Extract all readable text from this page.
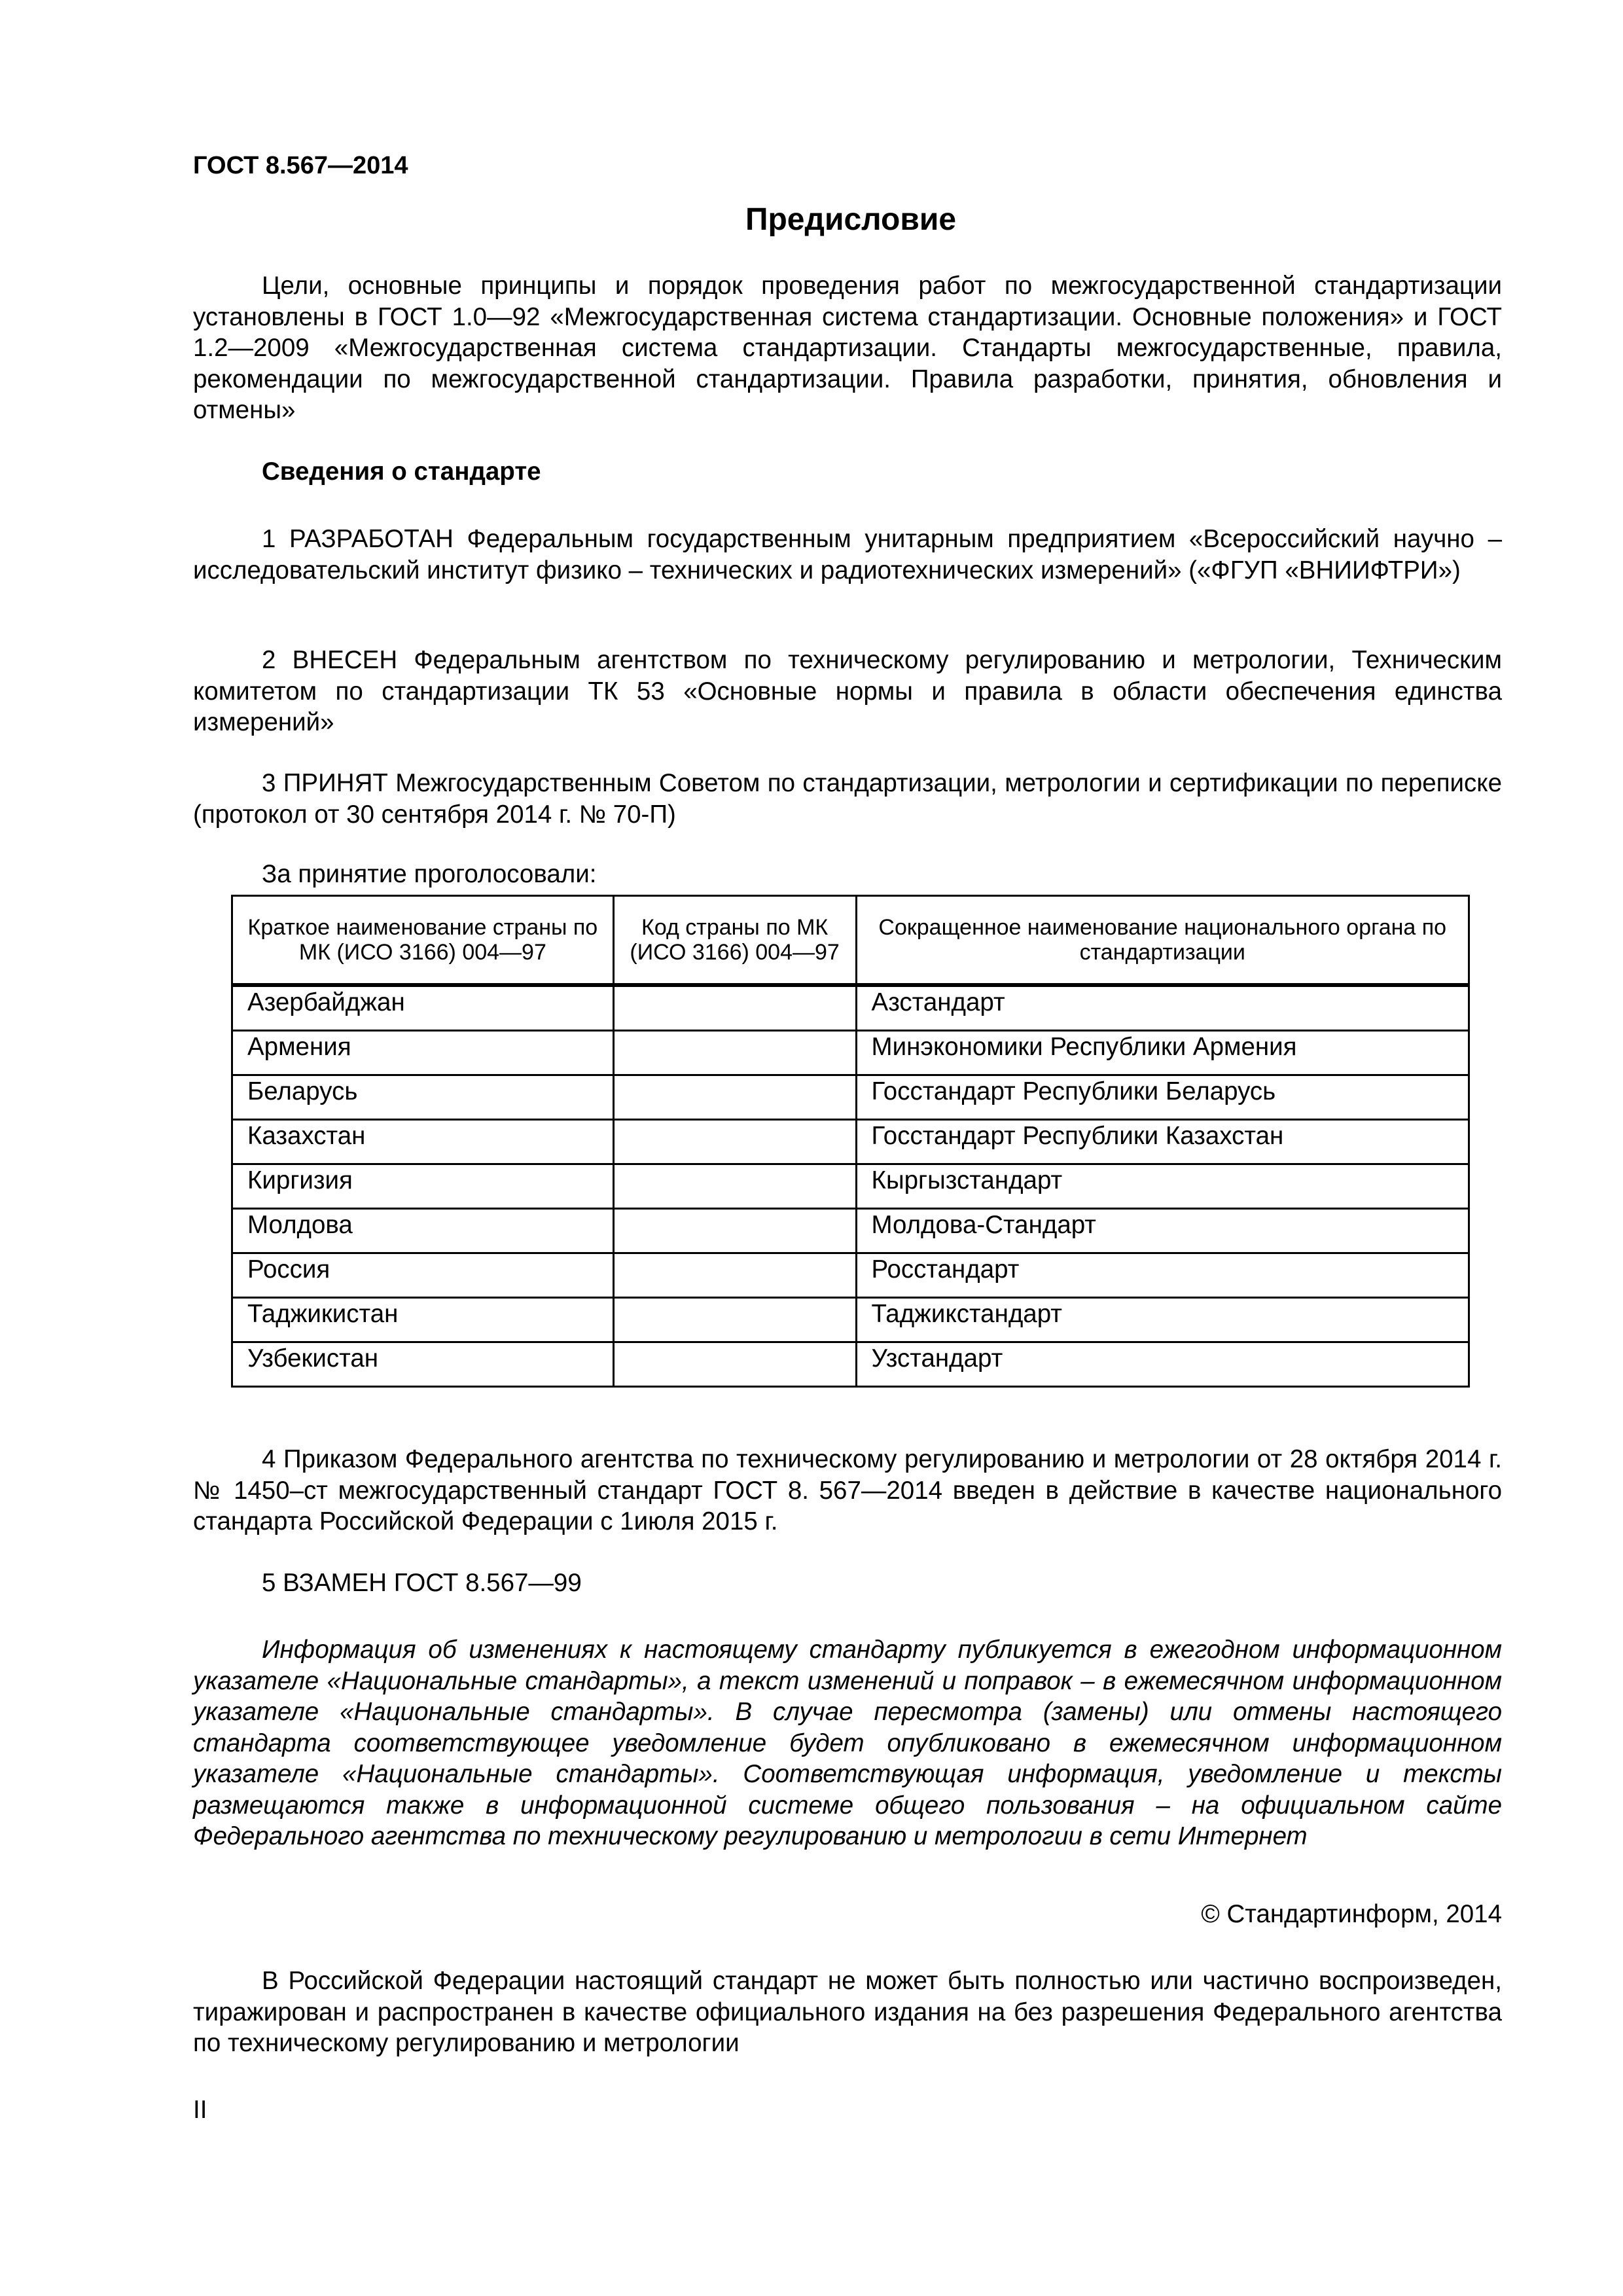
ГОСТ 8.567—2014
Предисловие

Цели, основные принципы и порядок проведения работ по межгосударственной стандартизации установлены в ГОСТ 1.0—92 «Межгосударственная система стандартизации. Основные положения» и ГОСТ 1.2—2009 «Межгосударственная система стандартизации. Стандарты межгосударственные, правила, рекомендации по межгосударственной стандартизации. Правила разработки, принятия, обновления и отмены»

Сведения о стандарте

1 РАЗРАБОТАН Федеральным государственным унитарным предприятием «Всероссийский научно – исследовательский институт физико – технических и радиотехнических измерений» («ФГУП «ВНИИФТРИ»)

2 ВНЕСЕН Федеральным агентством по техническому регулированию и метрологии, Техническим комитетом по стандартизации ТК 53 «Основные нормы и правила в области обеспечения единства измерений»

3 ПРИНЯТ Межгосударственным Советом по стандартизации, метрологии и сертификации по переписке (протокол от 30 сентября 2014 г. № 70-П)

За принятие проголосовали:

Краткое наименование страны по МК (ИСО 3166) 004—97	Код страны по МК (ИСО 3166) 004—97	Сокращенное наименование национального органа по стандартизации
Азербайджан		Азстандарт
Армения		Минэкономики Республики Армения
Беларусь		Госстандарт Республики Беларусь
Казахстан		Госстандарт Республики Казахстан
Киргизия		Кыргызстандарт
Молдова		Молдова-Стандарт
Россия		Росстандарт
Таджикистан		Таджикстандарт
Узбекистан		Узстандарт

4 Приказом Федерального агентства по техническому регулированию и метрологии от 28 октября 2014 г. № 1450–ст межгосударственный стандарт ГОСТ 8. 567—2014 введен в действие в качестве национального стандарта Российской Федерации с 1июля 2015 г.

5 ВЗАМЕН ГОСТ 8.567—99

Информация об изменениях к настоящему стандарту публикуется в ежегодном информационном указателе «Национальные стандарты», а текст изменений и поправок – в ежемесячном информационном указателе «Национальные стандарты». В случае пересмотра (замены) или отмены настоящего стандарта соответствующее уведомление будет опубликовано в ежемесячном информационном указателе «Национальные стандарты». Соответствующая информация, уведомление и тексты размещаются также в информационной системе общего пользования – на официальном сайте Федерального агентства по техническому регулированию и метрологии в сети Интернет

© Стандартинформ, 2014

В Российской Федерации настоящий стандарт не может быть полностью или частично воспроизведен, тиражирован и распространен в качестве официального издания на без разрешения Федерального агентства по техническому регулированию и метрологии

II
